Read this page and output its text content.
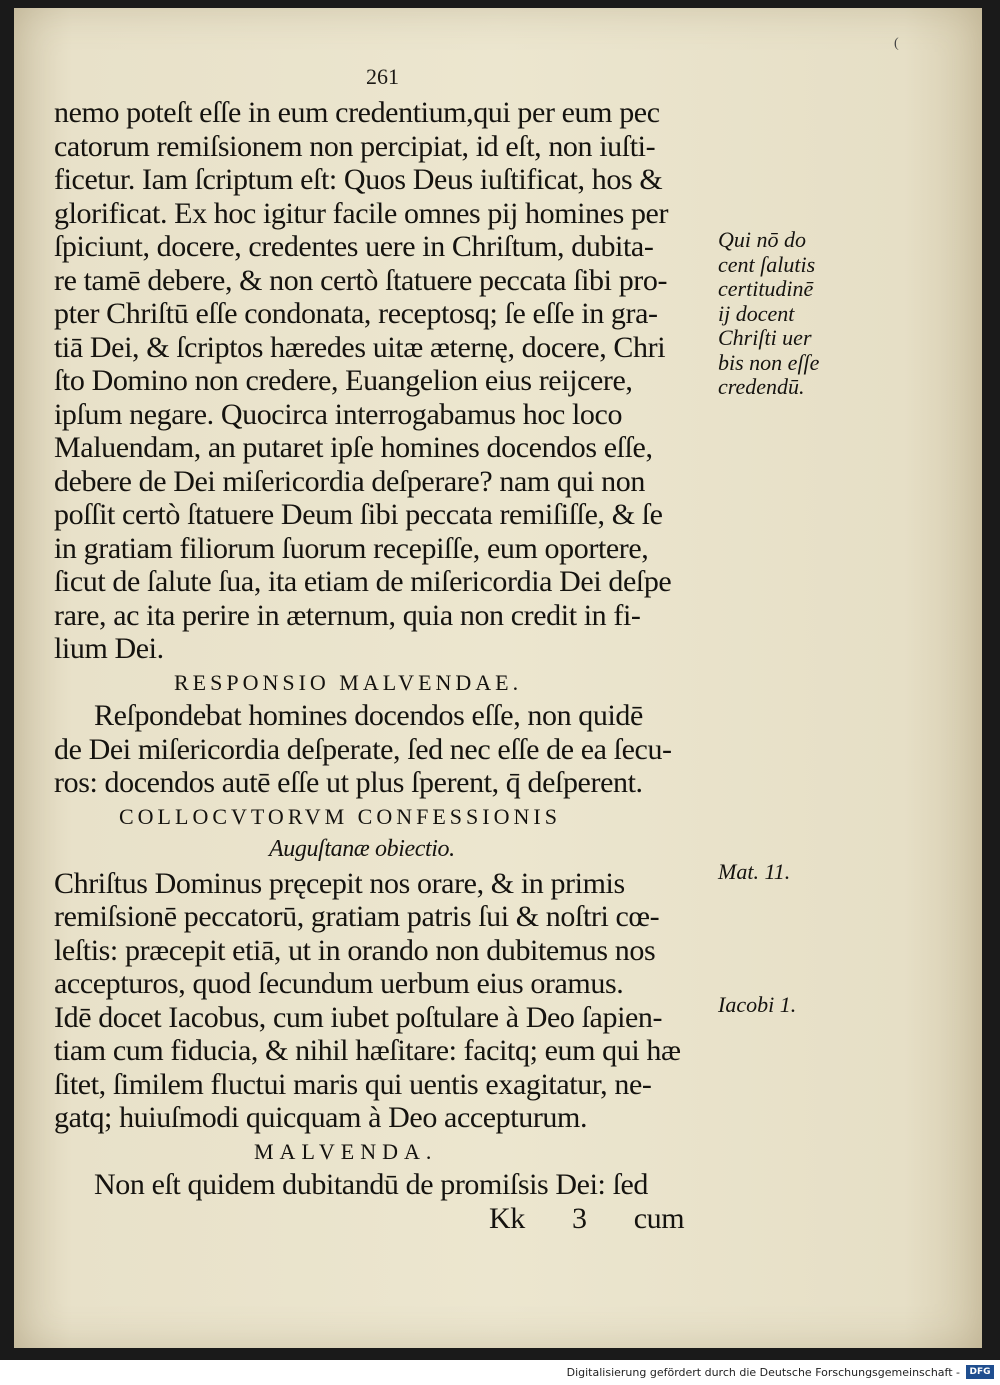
(
261
nemo poteſt eſſe in eum credentium,qui per eum pec
catorum remiſsionem non percipiat, id eſt, non iuſti-
ficetur. Iam ſcriptum eſt: Quos Deus iuſtificat, hos &
glorificat. Ex hoc igitur facile omnes pij homines per
ſpiciunt, docere, credentes uere in Chriſtum, dubita-
re tamē debere, & non certò ſtatuere peccata ſibi pro-
pter Chriſtū eſſe condonata, receptosq; ſe eſſe in gra-
tiā Dei, & ſcriptos hæredes uitæ æternę, docere, Chri
ſto Domino non credere, Euangelion eius reijcere,
ipſum negare. Quocirca interrogabamus hoc loco
Maluendam, an putaret ipſe homines docendos eſſe,
debere de Dei miſericordia deſperare? nam qui non
poſſit certò ſtatuere Deum ſibi peccata remiſiſſe, & ſe
in gratiam filiorum ſuorum recepiſſe, eum oportere,
ſicut de ſalute ſua, ita etiam de miſericordia Dei deſpe
rare, ac ita perire in æternum, quia non credit in fi-
lium Dei.
RESPONSIO MALVENDAE.
Reſpondebat homines docendos eſſe, non quidē
de Dei miſericordia deſperate, ſed nec eſſe de ea ſecu-
ros: docendos autē eſſe ut plus ſperent, q̄ deſperent.
COLLOCVTORVM CONFESSIONIS
Auguſtanæ obiectio.
Chriſtus Dominus pręcepit nos orare, & in primis
remiſsionē peccatorū, gratiam patris ſui & noſtri cœ-
leſtis: præcepit etiā, ut in orando non dubitemus nos
accepturos, quod ſecundum uerbum eius oramus.
Idē docet Iacobus, cum iubet poſtulare à Deo ſapien-
tiam cum fiducia, & nihil hæſitare: facitq; eum qui hæ
ſitet, ſimilem fluctui maris qui uentis exagitatur, ne-
gatq; huiuſmodi quicquam à Deo accepturum.
MALVENDA.
Non eſt quidem dubitandū de promiſsis Dei: ſed
Kk 3 cum
Qui nō do
cent ſalutis
certitudinē
ij docent
Chriſti uer
bis non eſſe
credendū.
Mat. 11.
Iacobi 1.
Digitalisierung gefördert durch die Deutsche Forschungsgemeinschaft -	DFG
